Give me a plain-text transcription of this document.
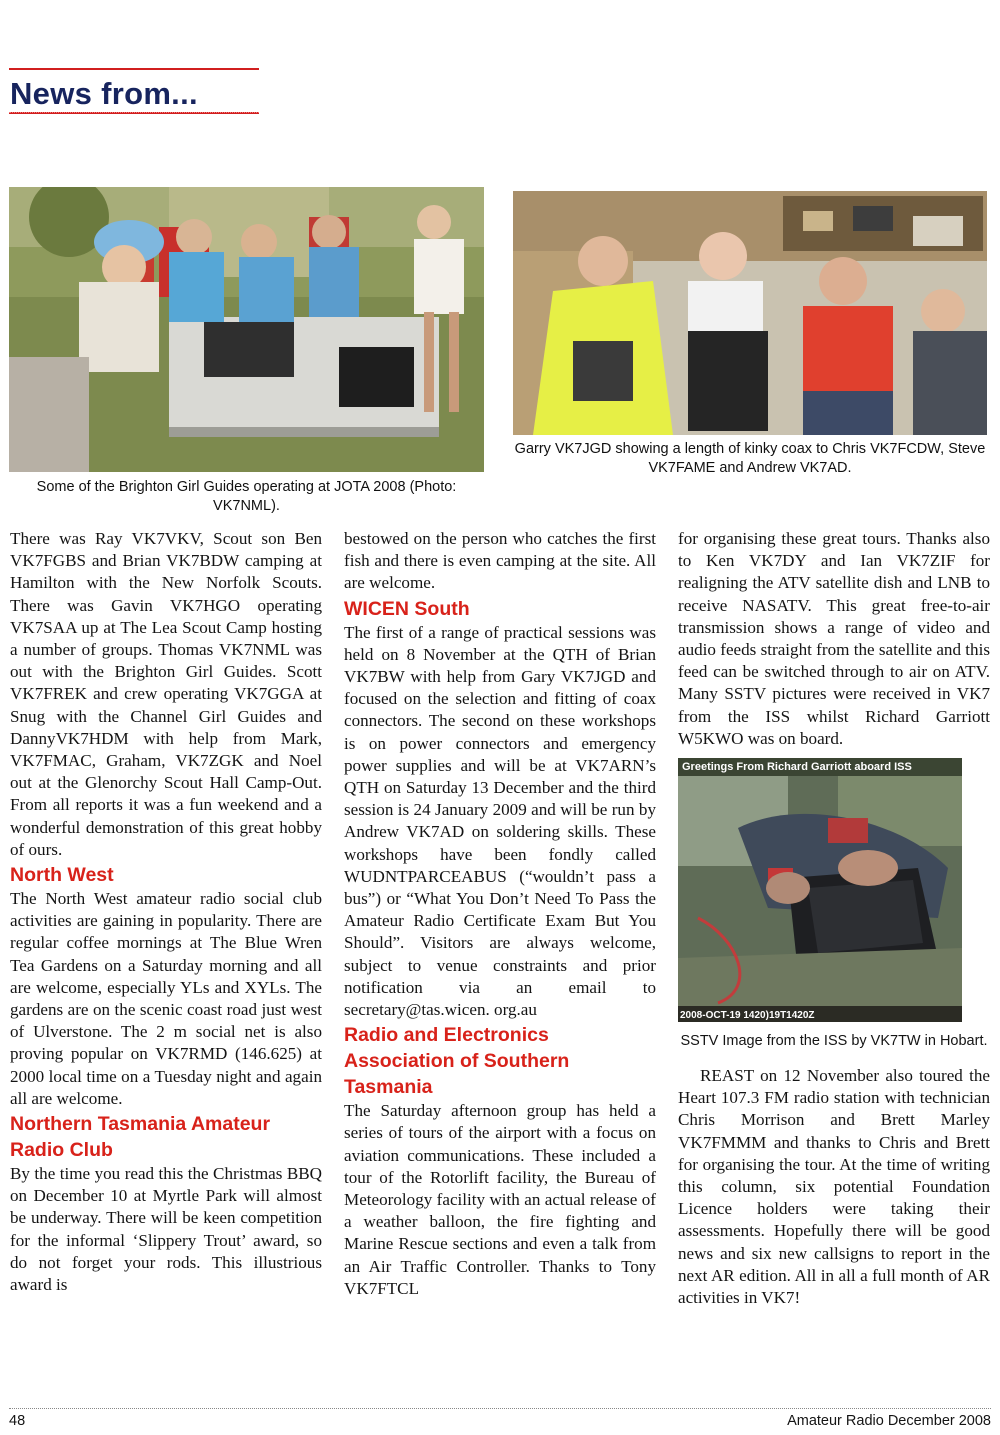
News from...
Some of the Brighton Girl Guides operating at JOTA 2008 (Photo: VK7NML).
Garry VK7JGD showing a length of kinky coax to Chris VK7FCDW, Steve VK7FAME and Andrew VK7AD.

There was Ray VK7VKV, Scout son Ben VK7FGBS and Brian VK7BDW camping at Hamilton with the New Norfolk Scouts. There was Gavin VK7HGO operating VK7SAA up at The Lea Scout Camp hosting a number of groups. Thomas VK7NML was out with the Brighton Girl Guides. Scott VK7FREK and crew operating VK7GGA at Snug with the Channel Girl Guides and DannyVK7HDM with help from Mark, VK7FMAC, Graham, VK7ZGK and Noel out at the Glenorchy Scout Hall Camp-Out. From all reports it was a fun weekend and a wonderful demonstration of this great hobby of ours.

North West

The North West amateur radio social club activities are gaining in popularity. There are regular coffee mornings at The Blue Wren Tea Gardens on a Saturday morning and all are welcome, especially YLs and XYLs. The gardens are on the scenic coast road just west of Ulverstone. The 2 m social net is also proving popular on VK7RMD (146.625) at 2000 local time on a Tuesday night and again all are welcome.

Northern Tasmania Amateur Radio Club

By the time you read this the Christmas BBQ on December 10 at Myrtle Park will almost be underway. There will be keen competition for the informal ‘Slippery Trout’ award, so do not forget your rods. This illustrious award is

bestowed on the person who catches the first fish and there is even camping at the site. All are welcome.

WICEN South

The first of a range of practical sessions was held on 8 November at the QTH of Brian VK7BW with help from Gary VK7JGD and focused on the selection and fitting of coax connectors. The second on these workshops is on power connectors and emergency power supplies and will be at VK7ARN’s QTH on Saturday 13 December and the third session is 24 January 2009 and will be run by Andrew VK7AD on soldering skills. These workshops have been fondly called WUDNTPARCEABUS (“wouldn’t pass a bus”) or “What You Don’t Need To Pass the Amateur Radio Certificate Exam But You Should”. Visitors are always welcome, subject to venue constraints and prior notification via an email to secretary@tas.wicen. org.au

Radio and Electronics Association of Southern Tasmania

The Saturday afternoon group has held a series of tours of the airport with a focus on aviation communications. These included a tour of the Rotorlift facility, the Bureau of Meteorology facility with an actual release of a weather balloon, the fire fighting and Marine Rescue sections and even a talk from an Air Traffic Controller. Thanks to Tony VK7FTCL

for organising these great tours. Thanks also to Ken VK7DY and Ian VK7ZIF for realigning the ATV satellite dish and LNB to receive NASATV. This great free-to-air transmission shows a range of video and audio feeds straight from the satellite and this feed can be switched through to air on ATV. Many SSTV pictures were received in VK7 from the ISS whilst Richard Garriott W5KWO was on board.

Greetings From Richard Garriott aboard ISS
2008-OCT-19 1420)19T1420Z
SSTV Image from the ISS by VK7TW in Hobart.

REAST on 12 November also toured the Heart 107.3 FM radio station with technician Chris Morrison and Brett Marley VK7FMMM and thanks to Chris and Brett for organising the tour. At the time of writing this column, six potential Foundation Licence holders were taking their assessments. Hopefully there will be good news and six new callsigns to report in the next AR edition. All in all a full month of AR activities in VK7!

48	Amateur Radio December 2008
